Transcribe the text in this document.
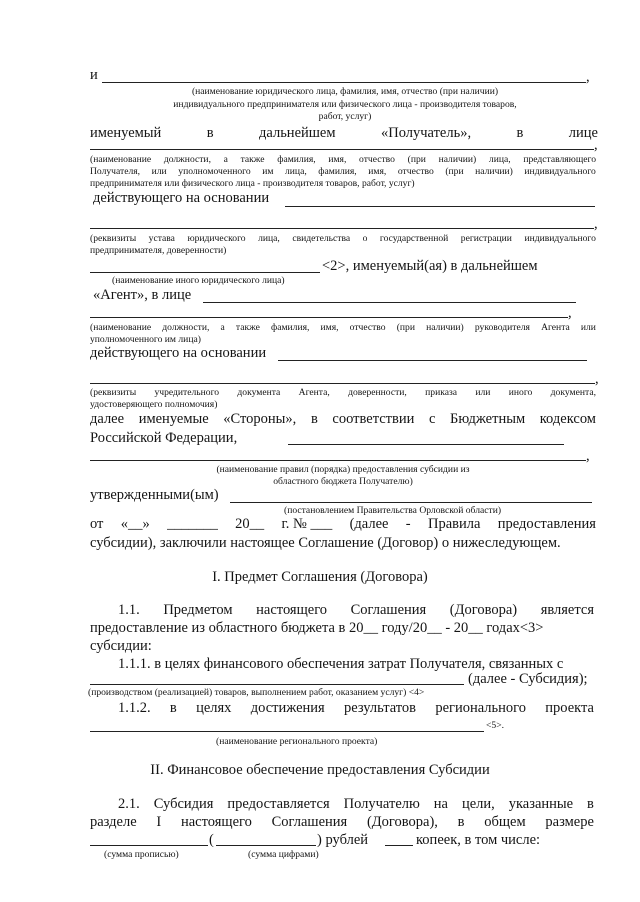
и	,
(наименование юридического лица, фамилия, имя, отчество (при наличии)
индивидуального предпринимателя или физического лица - производителя товаров,
работ, услуг)
именуемый	в	дальнейшем	«Получатель»,	в	лице
,
(наименование должности, а также фамилия, имя, отчество (при наличии) лица, представляющего
Получателя, или уполномоченного им лица, фамилия, имя, отчество (при наличии) индивидуального
предпринимателя или физического лица - производителя товаров, работ, услуг)
действующего на основании
,
(реквизиты устава юридического лица, свидетельства о государственной регистрации индивидуального
предпринимателя, доверенности)
<2>, именуемый(ая) в дальнейшем
(наименование иного юридического лица)
«Агент», в лице
,
(наименование должности, а также фамилия, имя, отчество (при наличии) руководителя Агента или
уполномоченного им лица)
действующего на основании
,
(реквизиты учредительного документа Агента, доверенности, приказа или иного документа,
удостоверяющего полномочия)
далее именуемые «Стороны», в соответствии с Бюджетным кодексом
Российской Федерации,
,
(наименование правил (порядка) предоставления субсидии из
областного бюджета Получателю)
утвержденными(ым)
(постановлением Правительства Орловской области)
от «__» _______ 20__ г. № ___ (далее - Правила предоставления
субсидии), заключили настоящее Соглашение (Договор) о нижеследующем.
I. Предмет Соглашения (Договора)
1.1. Предметом настоящего Соглашения (Договора) является
предоставление из областного бюджета в 20__ году/20__ - 20__ годах<3>
субсидии:
1.1.1. в целях финансового обеспечения затрат Получателя, связанных с
(далее - Субсидия);
(производством (реализацией) товаров, выполнением работ, оказанием услуг) <4>
1.1.2. в целях достижения результатов регионального проекта
<5>.
(наименование регионального проекта)
II. Финансовое обеспечение предоставления Субсидии
2.1. Субсидия предоставляется Получателю на цели, указанные в
разделе I настоящего Соглашения (Договора), в общем размере
(	) рублей	копеек, в том числе:
(сумма прописью)	(сумма цифрами)
